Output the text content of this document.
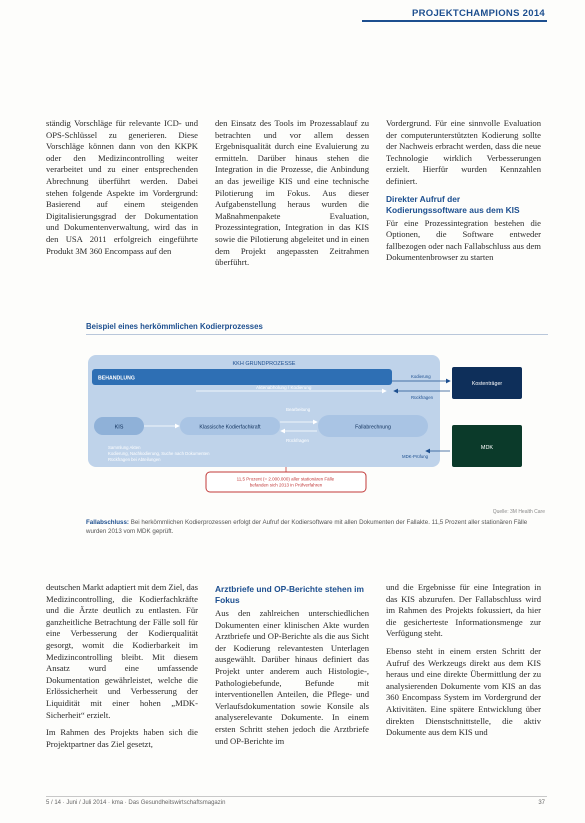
PROJEKTCHAMPIONS 2014

ständig Vorschläge für relevante ICD- und OPS-Schlüssel zu generieren. Diese Vorschläge können dann von den KKPK oder den Medizincontrolling weiter verarbeitet und zu einer entsprechenden Abrechnung überführt werden. Dabei stehen folgende Aspekte im Vordergrund: Basierend auf einem steigenden Digitalisierungsgrad der Dokumentation und Dokumentenverwaltung, wird das in den USA 2011 erfolgreich eingeführte Produkt 3M 360 Encompass auf den

den Einsatz des Tools im Prozessablauf zu betrachten und vor allem dessen Ergebnisqualität durch eine Evaluierung zu ermitteln. Darüber hinaus stehen die Integration in die Prozesse, die Anbindung an das jeweilige KIS und eine technische Pilotierung im Fokus. Aus dieser Aufgabenstellung heraus wurden die Maßnahmenpakete Evaluation, Prozessintegration, Integration in das KIS sowie die Pilotierung abgeleitet und in einen dem Projekt angepassten Zeitrahmen überführt.

Vordergrund. Für eine sinnvolle Evaluation der computerunterstützten Kodierung sollte der Nachweis erbracht werden, dass die neue Technologie wirklich Verbesserungen erzielt. Hierfür wurden Kennzahlen definiert.

Direkter Aufruf der Kodierungssoftware aus dem KIS

Für eine Prozessintegration bestehen die Optionen, die Software entweder fallbezogen oder nach Fallabschluss aus dem Dokumentenbrowser zu starten

Beispiel eines herkömmlichen Kodierprozesses
KKH GRUNDPROZESSE
BEHANDLUNG
Aktenabholung / Kodierung
KIS	Klassische Kodierfachkraft	Fallabrechnung
Bearbeitung
Rückfragen
Sammlung Akten
Kodierung, Nachkodierung, Suche nach Dokumenten
Rückfragen bei Abteilungen
Kostenträger
MDK
Kodierung
Rückfragen
MDK-Prüfung
11,5 Prozent (= 2.000.000) aller stationären Fälle befanden sich 2013 in Prüfverfahren
Quelle: 3M Health Care
Fallabschluss: Bei herkömmlichen Kodierprozessen erfolgt der Aufruf der Kodiersoftware mit allen Dokumenten der Fallakte. 11,5 Prozent aller stationären Fälle wurden 2013 vom MDK geprüft.

deutschen Markt adaptiert mit dem Ziel, das Medizincontrolling, die Kodierfachkräfte und die Ärzte deutlich zu entlasten. Für ganzheitliche Betrachtung der Fälle soll für eine Verbesserung der Kodierqualität gesorgt, womit die Kodierbarkeit im Medizincontrolling bleibt. Mit diesem Ansatz wurd eine umfassende Dokumentation gewährleistet, welche die Erlössicherheit und Verbesserung der Liquidität mit einer hohen „MDK-Sicherheit“ erzielt.

Im Rahmen des Projekts haben sich die Projektpartner das Ziel gesetzt,

Arztbriefe und OP-Berichte stehen im Fokus

Aus den zahlreichen unterschiedlichen Dokumenten einer klinischen Akte wurden Arztbriefe und OP-Berichte als die aus Sicht der Kodierung relevantesten Unterlagen ausgewählt. Darüber hinaus definiert das Projekt unter anderem auch Histologie-, Pathologiebefunde, Befunde mit interventionellen Anteilen, die Pflege- und Verlaufsdokumentation sowie Konsile als analyserelevante Dokumente. In einem ersten Schritt stehen jedoch die Arztbriefe und OP-Berichte im

und die Ergebnisse für eine Integration in das KIS abzurufen. Der Fallabschluss wird im Rahmen des Projekts fokussiert, da hier die gesicherteste Informationsmenge zur Verfügung steht.

Ebenso steht in einem ersten Schritt der Aufruf des Werkzeugs direkt aus dem KIS heraus und eine direkte Übermittlung der zu analysierenden Dokumente vom KIS an das 360 Encompass System im Vordergrund der Aktivitäten. Eine spätere Entwicklung über direkten Dienstschnittstelle, die aktiv Dokumente aus dem KIS und

5 / 14 · Juni / Juli 2014 · kma · Das Gesundheitswirtschaftsmagazin	37
